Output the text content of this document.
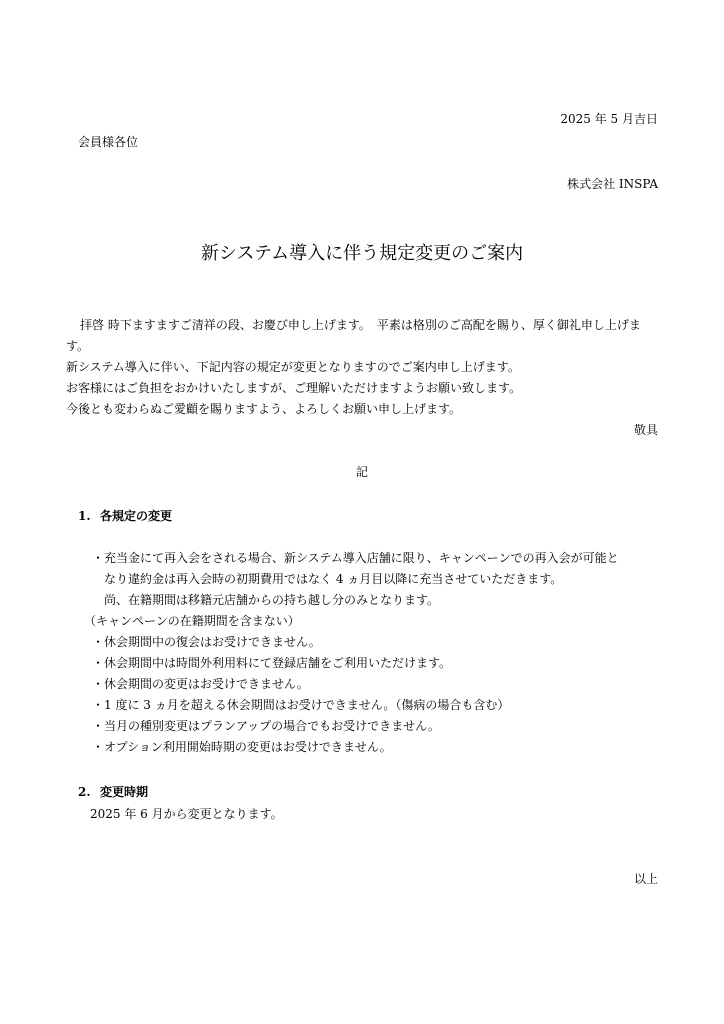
2025 年 5 月吉日
会員様各位
株式会社 INSPA
新システム導入に伴う規定変更のご案内

拝啓 時下ますますご清祥の段、お慶び申し上げます。　平素は格別のご高配を賜り、厚く御礼申し上げます。

新システム導入に伴い、下記内容の規定が変更となりますのでご案内申し上げます。

お客様にはご負担をおかけいたしますが、ご理解いただけますようお願い致します。

今後とも変わらぬご愛顧を賜りますよう、よろしくお願い申し上げます。

敬具
記
1. 各規定の変更
・充当金にて再入会をされる場合、新システム導入店舗に限り、キャンペーンでの再入会が可能と
なり違約金は再入会時の初期費用ではなく 4 ヵ月目以降に充当させていただきます。
尚、在籍期間は移籍元店舗からの持ち越し分のみとなります。
（キャンペーンの在籍期間を含まない）
・休会期間中の復会はお受けできません。
・休会期間中は時間外利用料にて登録店舗をご利用いただけます。
・休会期間の変更はお受けできません。
・1 度に 3 ヵ月を超える休会期間はお受けできません。（傷病の場合も含む）
・当月の種別変更はプランアップの場合でもお受けできません。
・オプション利用開始時期の変更はお受けできません。
2. 変更時期
2025 年 6 月から変更となります。
以上
